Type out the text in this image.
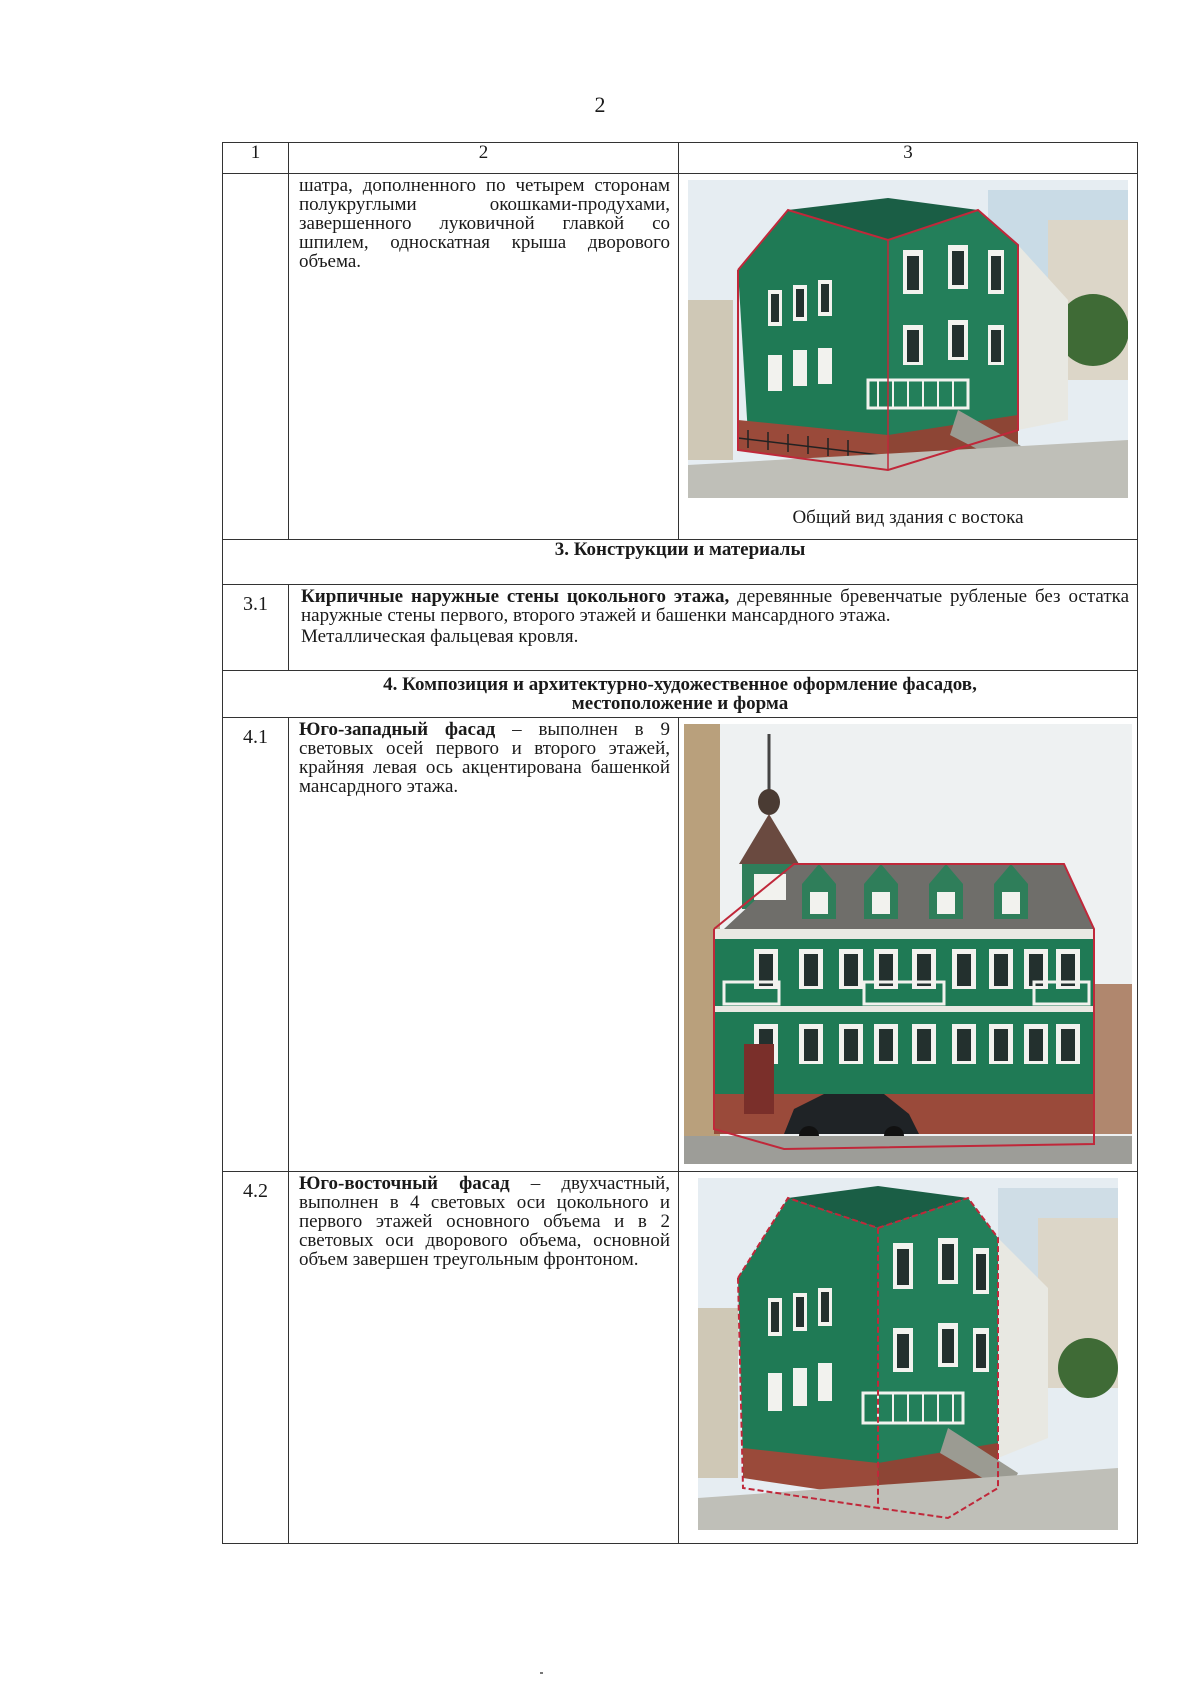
2
1	2	3
	шатра, дополненного по четырем сторонам полукруглыми окошками-продухами, завершенного луковичной главкой со шпилем, односкатная крыша дворового объема.	Общий вид здания с востока

3. Конструкции и материалы		
3.1	Кирпичные наружные стены цокольного этажа, деревянные бревенчатые рубленые без остатка наружные стены первого, второго этажей и башенки мансардного этажа.
Металлическая фальцевая кровля.	

4. Композиция и архитектурно-художественное оформление фасадов,
местоположение и форма		

4.1	Юго-западный фасад – выполнен в 9 световых осей первого и второго этажей, крайняя левая ось акцентирована башенкой мансардного этажа.	

4.2	Юго-восточный фасад – двухчастный, выполнен в 4 световых оси цокольного и первого этажей основного объема и в 2 световых оси дворового объема, основной объем завершен треугольным фронтоном.	
